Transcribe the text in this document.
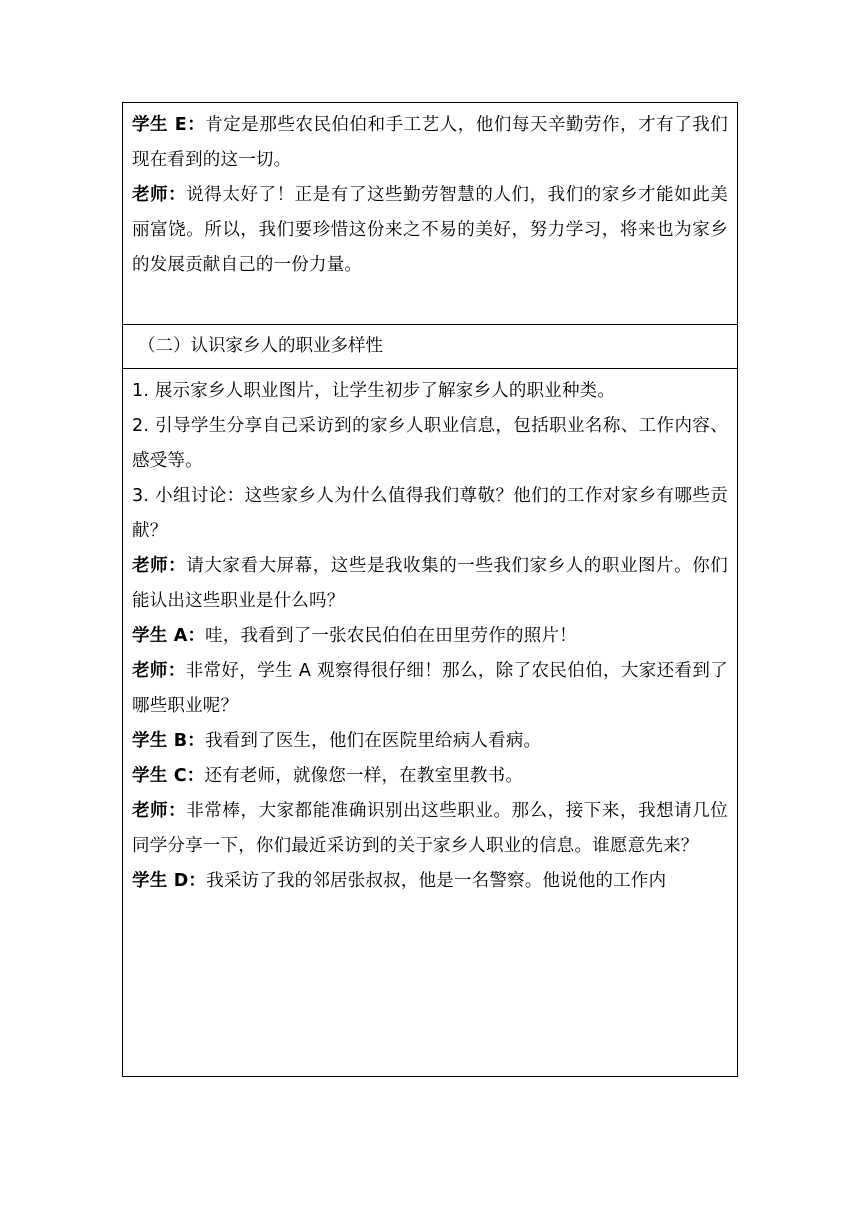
学生 E：肯定是那些农民伯伯和手工艺人，他们每天辛勤劳作，才有了我们现在看到的这一切。

老师：说得太好了！正是有了这些勤劳智慧的人们，我们的家乡才能如此美丽富饶。所以，我们要珍惜这份来之不易的美好，努力学习，将来也为家乡的发展贡献自己的一份力量。

（二）认识家乡人的职业多样性

1. 展示家乡人职业图片，让学生初步了解家乡人的职业种类。

2. 引导学生分享自己采访到的家乡人职业信息，包括职业名称、工作内容、感受等。

3. 小组讨论：这些家乡人为什么值得我们尊敬？他们的工作对家乡有哪些贡献？

老师：请大家看大屏幕，这些是我收集的一些我们家乡人的职业图片。你们能认出这些职业是什么吗？

学生 A：哇，我看到了一张农民伯伯在田里劳作的照片！

老师：非常好，学生 A 观察得很仔细！那么，除了农民伯伯，大家还看到了哪些职业呢？

学生 B：我看到了医生，他们在医院里给病人看病。

学生 C：还有老师，就像您一样，在教室里教书。

老师：非常棒，大家都能准确识别出这些职业。那么，接下来，我想请几位同学分享一下，你们最近采访到的关于家乡人职业的信息。谁愿意先来？

学生 D：我采访了我的邻居张叔叔，他是一名警察。他说他的工作内
